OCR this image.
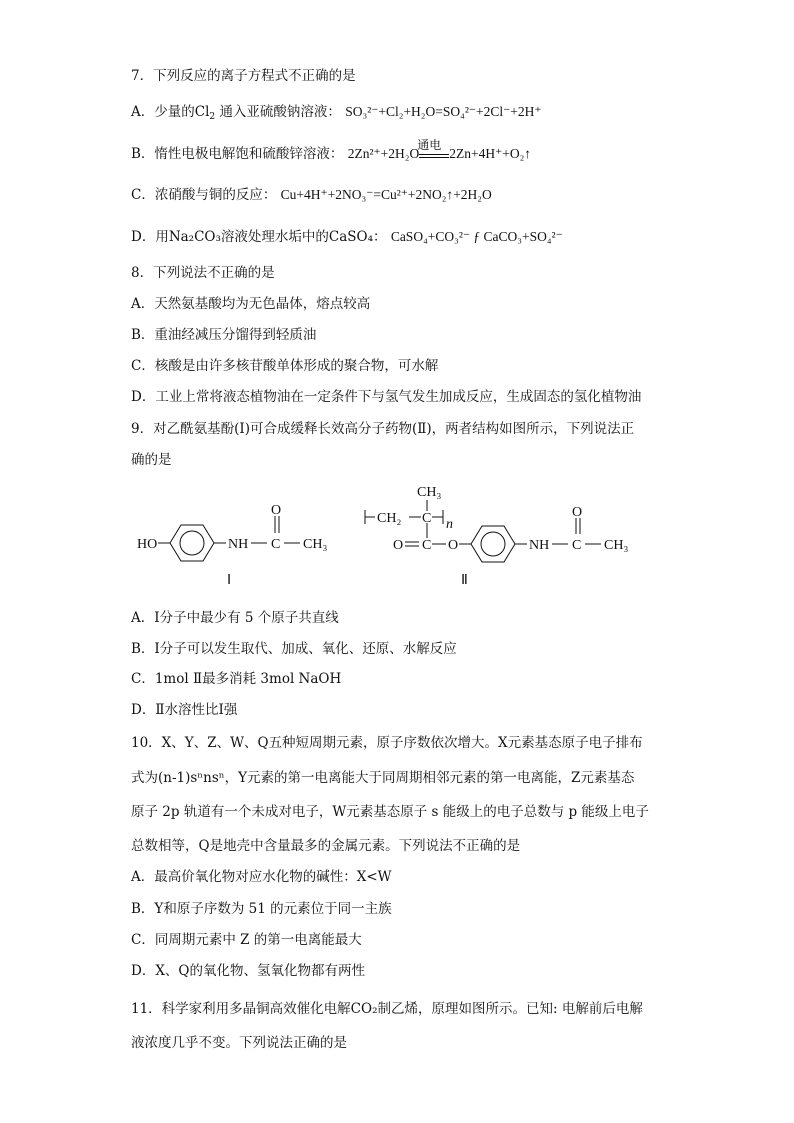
7．下列反应的离子方程式不正确的是
A．少量的$Cl_2$ 通入亚硫酸钠溶液： SO₃²⁻+Cl₂+H₂O=SO₄²⁻+2Cl⁻+2H⁺
B．惰性电极电解饱和硫酸锌溶液： 2Zn²⁺+2H₂O
通电
2Zn+4H⁺+O₂↑
C．浓硝酸与铜的反应： Cu+4H⁺+2NO₃⁻=Cu²⁺+2NO₂↑+2H₂O
D．用Na₂CO₃溶液处理水垢中的CaSO₄： CaSO₄+CO₃²⁻ ƒ CaCO₃+SO₄²⁻
8．下列说法不正确的是
A．天然氨基酸均为无色晶体，熔点较高
B．重油经减压分馏得到轻质油
C．核酸是由许多核苷酸单体形成的聚合物，可水解
D．工业上常将液态植物油在一定条件下与氢气发生加成反应，生成固态的氢化植物油
9．对乙酰氨基酚(Ⅰ)可合成缓释长效高分子药物(Ⅱ)，两者结构如图所示，下列说法正
确的是
HO	NH C
O
CH₃
Ⅰ
CH₃
CH₂ C n
O C O	NH C
O
CH₃
Ⅱ
A．Ⅰ分子中最少有 5 个原子共直线
B．Ⅰ分子可以发生取代、加成、氧化、还原、水解反应
C．1mol Ⅱ最多消耗 3mol NaOH
D．Ⅱ水溶性比Ⅰ强
10．X、Y、Z、W、Q五种短周期元素，原子序数依次增大。X元素基态原子电子排布
式为(n-1)sⁿnsⁿ，Y元素的第一电离能大于同周期相邻元素的第一电离能，Z元素基态
原子 2p 轨道有一个未成对电子，W元素基态原子 s 能级上的电子总数与 p 能级上电子
总数相等，Q是地壳中含量最多的金属元素。下列说法不正确的是
A．最高价氧化物对应水化物的碱性：X<W
B．Y和原子序数为 51 的元素位于同一主族
C．同周期元素中 Z 的第一电离能最大
D．X、Q的氧化物、氢氧化物都有两性
11．科学家利用多晶铜高效催化电解CO₂制乙烯，原理如图所示。已知: 电解前后电解
液浓度几乎不变。下列说法正确的是
